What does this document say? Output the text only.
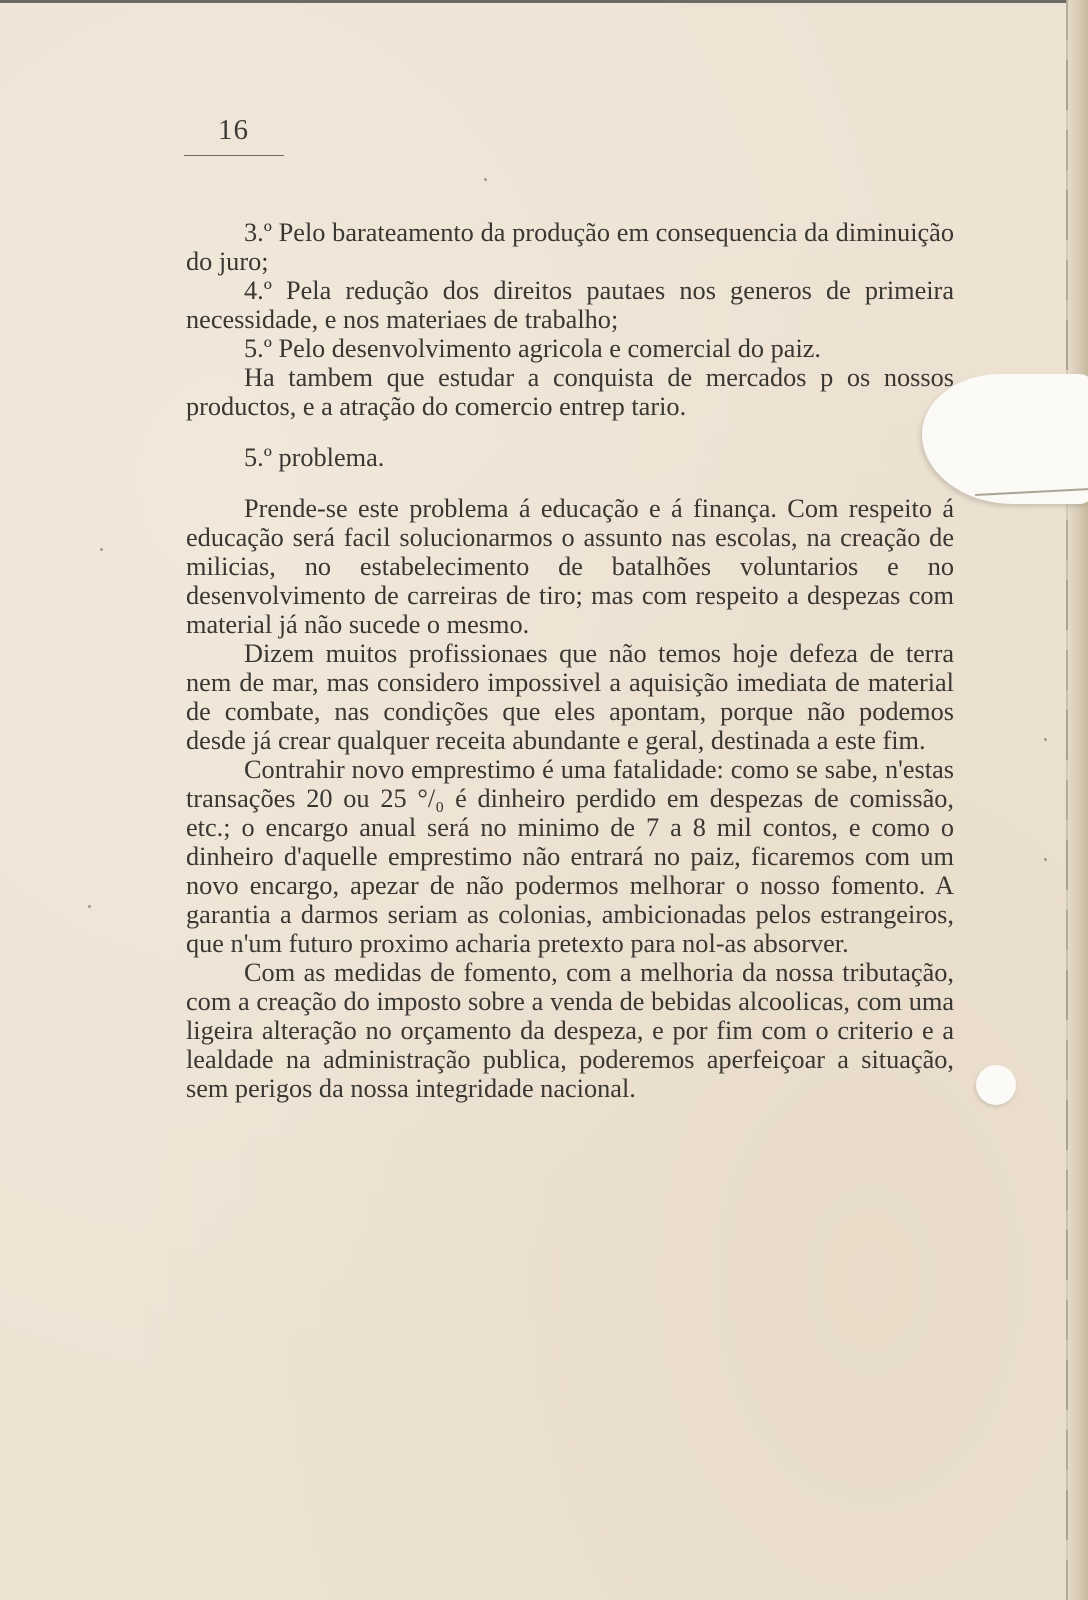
16

3.º Pelo barateamento da produção em consequencia da diminuição do juro;

4.º Pela redução dos direitos pautaes nos generos de primeira necessidade, e nos materiaes de trabalho;

5.º Pelo desenvolvimento agricola e comercial do paiz.

Ha tambem que estudar a conquista de mercados p os nossos productos, e a atração do comercio entrep tario.

5.º problema.

Prende-se este problema á educação e á finança. Com respeito á educação será facil solucionarmos o assunto nas escolas, na creação de milicias, no estabelecimento de batalhões voluntarios e no desenvolvimento de carreiras de tiro; mas com respeito a despezas com material já não sucede o mesmo.

Dizem muitos profissionaes que não temos hoje defeza de terra nem de mar, mas considero impossivel a aquisição imediata de material de combate, nas condições que eles apontam, porque não podemos desde já crear qualquer receita abundante e geral, destinada a este fim.

Contrahir novo emprestimo é uma fatalidade: como se sabe, n'estas transações 20 ou 25 °/₀ é dinheiro perdido em despezas de comissão, etc.; o encargo anual será no minimo de 7 a 8 mil contos, e como o dinheiro d'aquelle emprestimo não entrará no paiz, ficaremos com um novo encargo, apezar de não podermos melhorar o nosso fomento. A garantia a darmos seriam as colonias, ambicionadas pelos estrangeiros, que n'um futuro proximo acharia pretexto para nol-as absorver.

Com as medidas de fomento, com a melhoria da nossa tributação, com a creação do imposto sobre a venda de bebidas alcoolicas, com uma ligeira alteração no orçamento da despeza, e por fim com o criterio e a lealdade na administração publica, poderemos aperfeiçoar a situação, sem perigos da nossa integridade nacional.
